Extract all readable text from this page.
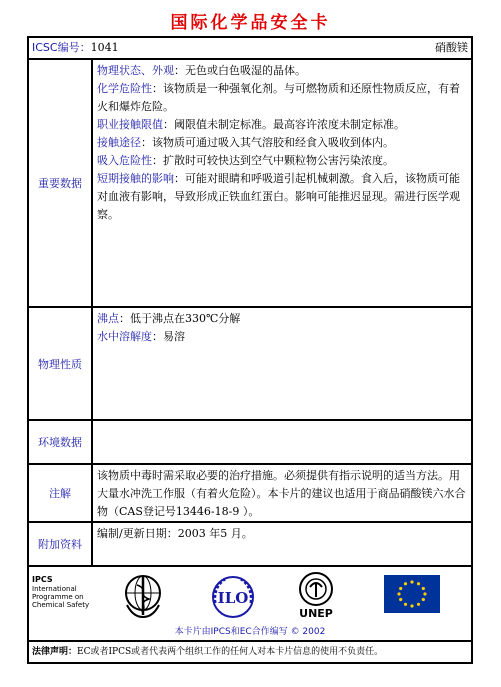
国际化学品安全卡
ICSC编号：1041	硝酸镁
重要数据
物理状态、外观：无色或白色吸湿的晶体。
化学危险性：该物质是一种强氧化剂。与可燃物质和还原性物质反应，有着火和爆炸危险。
职业接触限值：阈限值未制定标准。最高容许浓度未制定标准。
接触途径：该物质可通过吸入其气溶胶和经食入吸收到体内。
吸入危险性：扩散时可较快达到空气中颗粒物公害污染浓度。
短期接触的影响：可能对眼睛和呼吸道引起机械刺激。食入后，该物质可能对血液有影响，导致形成正铁血红蛋白。影响可能推迟显现。需进行医学观察。
物理性质
沸点：低于沸点在330℃分解
水中溶解度：易溶
环境数据
注解
该物质中毒时需采取必要的治疗措施。必须提供有指示说明的适当方法。用大量水冲洗工作服（有着火危险）。本卡片的建议也适用于商品硝酸镁六水合物（CAS登记号13446-18-9 ）。
附加资料
编制/更新日期：2003 年5 月。
IPCS
International
Programme on
Chemical Safety	ILO
UNEP
本卡片由IPCS和EC合作编写 © 2002
法律声明：EC或者IPCS或者代表两个组织工作的任何人对本卡片信息的使用不负责任。
